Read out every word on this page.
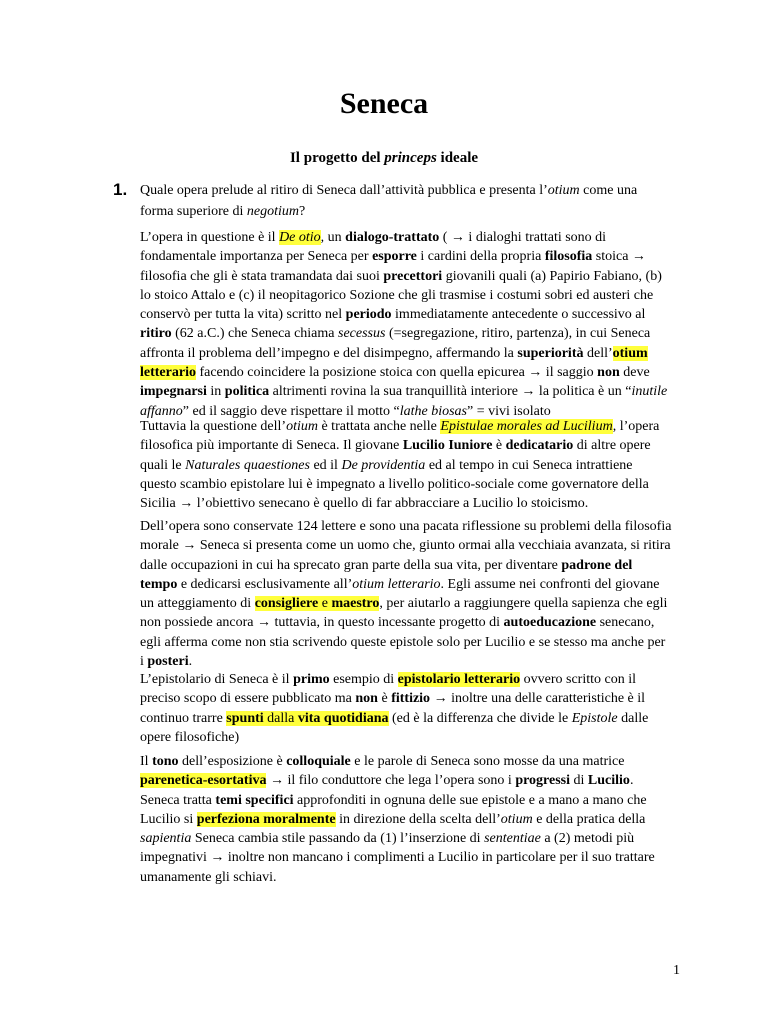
Seneca
Il progetto del princeps ideale
1. Quale opera prelude al ritiro di Seneca dall’attività pubblica e presenta l’otium come una forma superiore di negotium?

L’opera in questione è il De otio, un dialogo-trattato ( → i dialoghi trattati sono di fondamentale importanza per Seneca per esporre i cardini della propria filosofia stoica → filosofia che gli è stata tramandata dai suoi precettori giovanili quali (a) Papirio Fabiano, (b) lo stoico Attalo e (c) il neopitagorico Sozione che gli trasmise i costumi sobri ed austeri che conservò per tutta la vita) scritto nel periodo immediatamente antecedente o successivo al ritiro (62 a.C.) che Seneca chiama secessus (=segregazione, ritiro, partenza), in cui Seneca affronta il problema dell’impegno e del disimpegno, affermando la superiorità dell’otium letterario facendo coincidere la posizione stoica con quella epicurea → il saggio non deve impegnarsi in politica altrimenti rovina la sua tranquillità interiore → la politica è un “inutile affanno” ed il saggio deve rispettare il motto “lathe biosas” = vivi isolato

Tuttavia la questione dell’otium è trattata anche nelle Epistulae morales ad Lucilium, l’opera filosofica più importante di Seneca. Il giovane Lucilio Iuniore è dedicatario di altre opere quali le Naturales quaestiones ed il De providentia ed al tempo in cui Seneca intrattiene questo scambio epistolare lui è impegnato a livello politico-sociale come governatore della Sicilia → l’obiettivo senecano è quello di far abbracciare a Lucilio lo stoicismo.

Dell’opera sono conservate 124 lettere e sono una pacata riflessione su problemi della filosofia morale → Seneca si presenta come un uomo che, giunto ormai alla vecchiaia avanzata, si ritira dalle occupazioni in cui ha sprecato gran parte della sua vita, per diventare padrone del tempo e dedicarsi esclusivamente all’otium letterario. Egli assume nei confronti del giovane un atteggiamento di consigliere e maestro, per aiutarlo a raggiungere quella sapienza che egli non possiede ancora → tuttavia, in questo incessante progetto di autoeducazione senecano, egli afferma come non stia scrivendo queste epistole solo per Lucilio e se stesso ma anche per i posteri.

L’epistolario di Seneca è il primo esempio di epistolario letterario ovvero scritto con il preciso scopo di essere pubblicato ma non è fittizio → inoltre una delle caratteristiche è il continuo trarre spunti dalla vita quotidiana (ed è la differenza che divide le Epistole dalle opere filosofiche)

Il tono dell’esposizione è colloquiale e le parole di Seneca sono mosse da una matrice parenetica-esortativa → il filo conduttore che lega l’opera sono i progressi di Lucilio. Seneca tratta temi specifici approfonditi in ognuna delle sue epistole e a mano a mano che Lucilio si perfeziona moralmente in direzione della scelta dell’otium e della pratica della sapientia Seneca cambia stile passando da (1) l’inserzione di sententiae a (2) metodi più impegnativi → inoltre non mancano i complimenti a Lucilio in particolare per il suo trattare umanamente gli schiavi.

1
